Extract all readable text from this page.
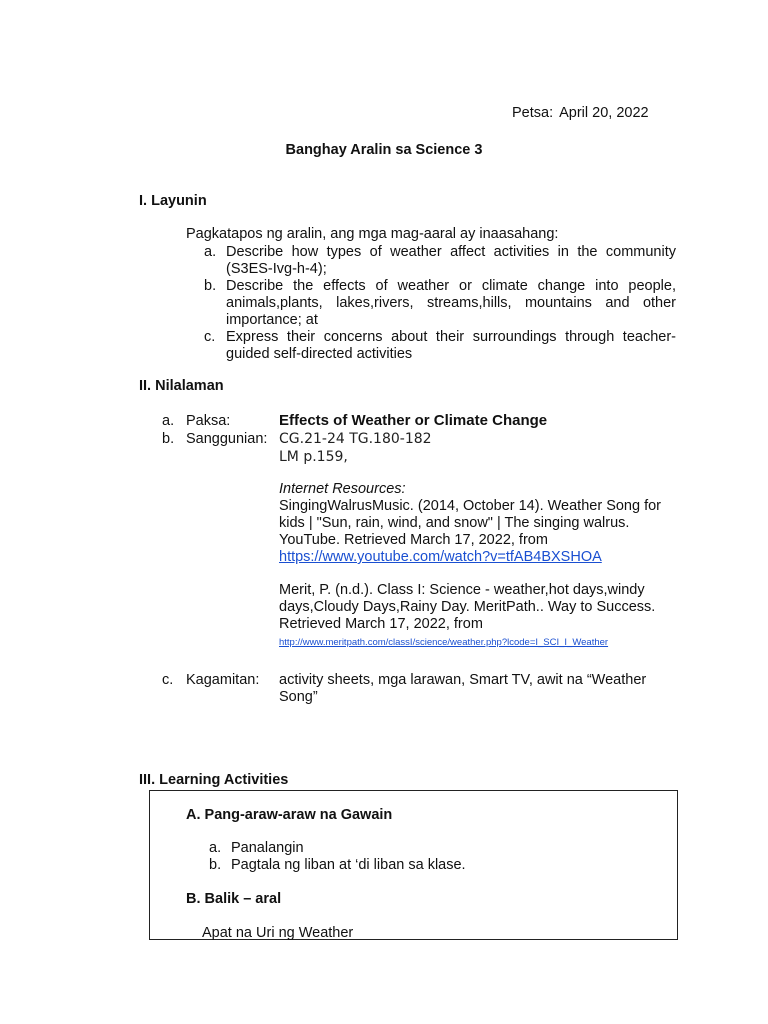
Petsa: April 20, 2022
Banghay Aralin sa Science 3
I. Layunin
Pagkatapos ng aralin, ang mga mag-aaral ay inaasahang:
a. Describe how types of weather affect activities in the community (S3ES-Ivg-h-4);
b. Describe the effects of weather or climate change into people, animals,plants, lakes,rivers, streams,hills, mountains and other importance; at
c. Express their concerns about their surroundings through teacher-guided self-directed activities
II. Nilalaman
a. Paksa:	Effects of Weather or Climate Change
b. Sanggunian: CG.21-24 TG.180-182
LM p.159,
Internet Resources:
SingingWalrusMusic. (2014, October 14). Weather Song for kids | "Sun, rain, wind, and snow" | The singing walrus. YouTube. Retrieved March 17, 2022, from
https://www.youtube.com/watch?v=tfAB4BXSHOA
Merit, P. (n.d.). Class I: Science - weather,hot days,windy days,Cloudy Days,Rainy Day. MeritPath.. Way to Success. Retrieved March 17, 2022, from
http://www.meritpath.com/classI/science/weather.php?lcode=I_SCI_I_Weather
c. Kagamitan: activity sheets, mga larawan, Smart TV, awit na “Weather Song”
III. Learning Activities
A. Pang-araw-araw na Gawain
a. Panalangin
b. Pagtala ng liban at ‘di liban sa klase.
B. Balik – aral
Apat na Uri ng Weather
